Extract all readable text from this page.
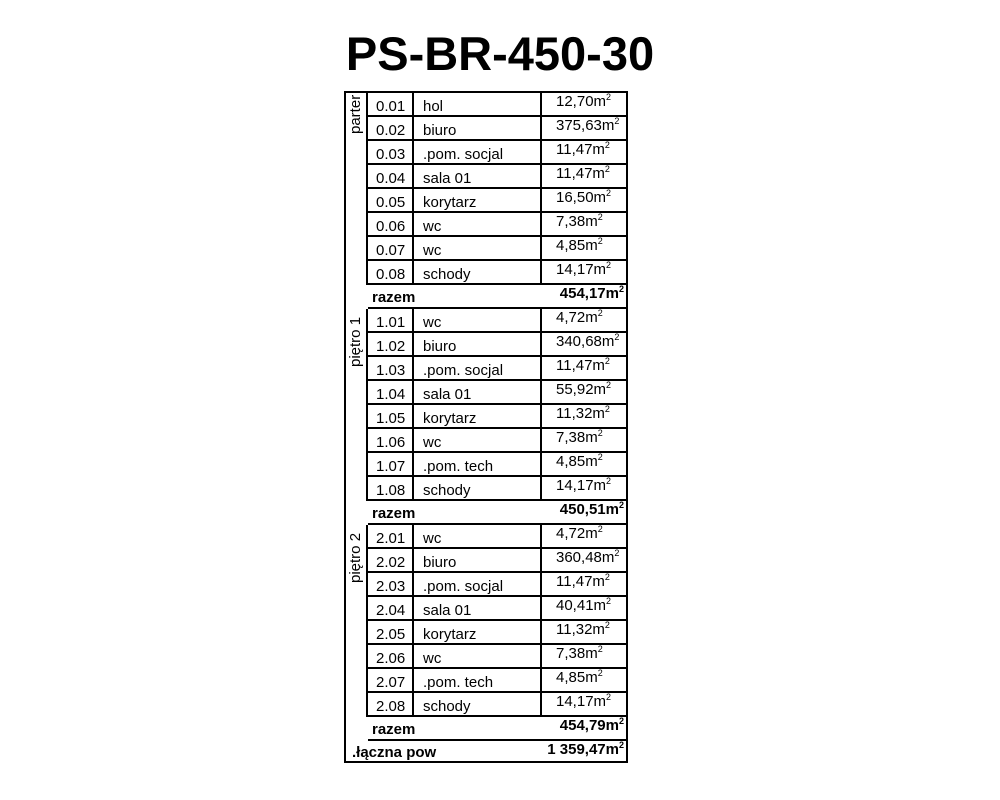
PS-BR-450-30
parter 0.01	hol	$12,70m^2$
0.02	biuro	$375,63m^2$
0.03	.pom. socjal	$11,47m^2$
0.04	sala 01	$11,47m^2$
0.05	korytarz	$16,50m^2$
0.06	wc	$7,38m^2$
0.07	wc	$4,85m^2$
0.08	schody	$14,17m^2$
razem	$454,17m^2$
piętro 1 1.01	wc	$4,72m^2$
1.02	biuro	$340,68m^2$
1.03	.pom. socjal	$11,47m^2$
1.04	sala 01	$55,92m^2$
1.05	korytarz	$11,32m^2$
1.06	wc	$7,38m^2$
1.07	.pom. tech	$4,85m^2$
1.08	schody	$14,17m^2$
razem	$450,51m^2$
piętro 2 2.01	wc	$4,72m^2$
2.02	biuro	$360,48m^2$
2.03	.pom. socjal	$11,47m^2$
2.04	sala 01	$40,41m^2$
2.05	korytarz	$11,32m^2$
2.06	wc	$7,38m^2$
2.07	.pom. tech	$4,85m^2$
2.08	schody	$14,17m^2$
razem	$454,79m^2$
.łączna pow	1 $359,47m^2$
